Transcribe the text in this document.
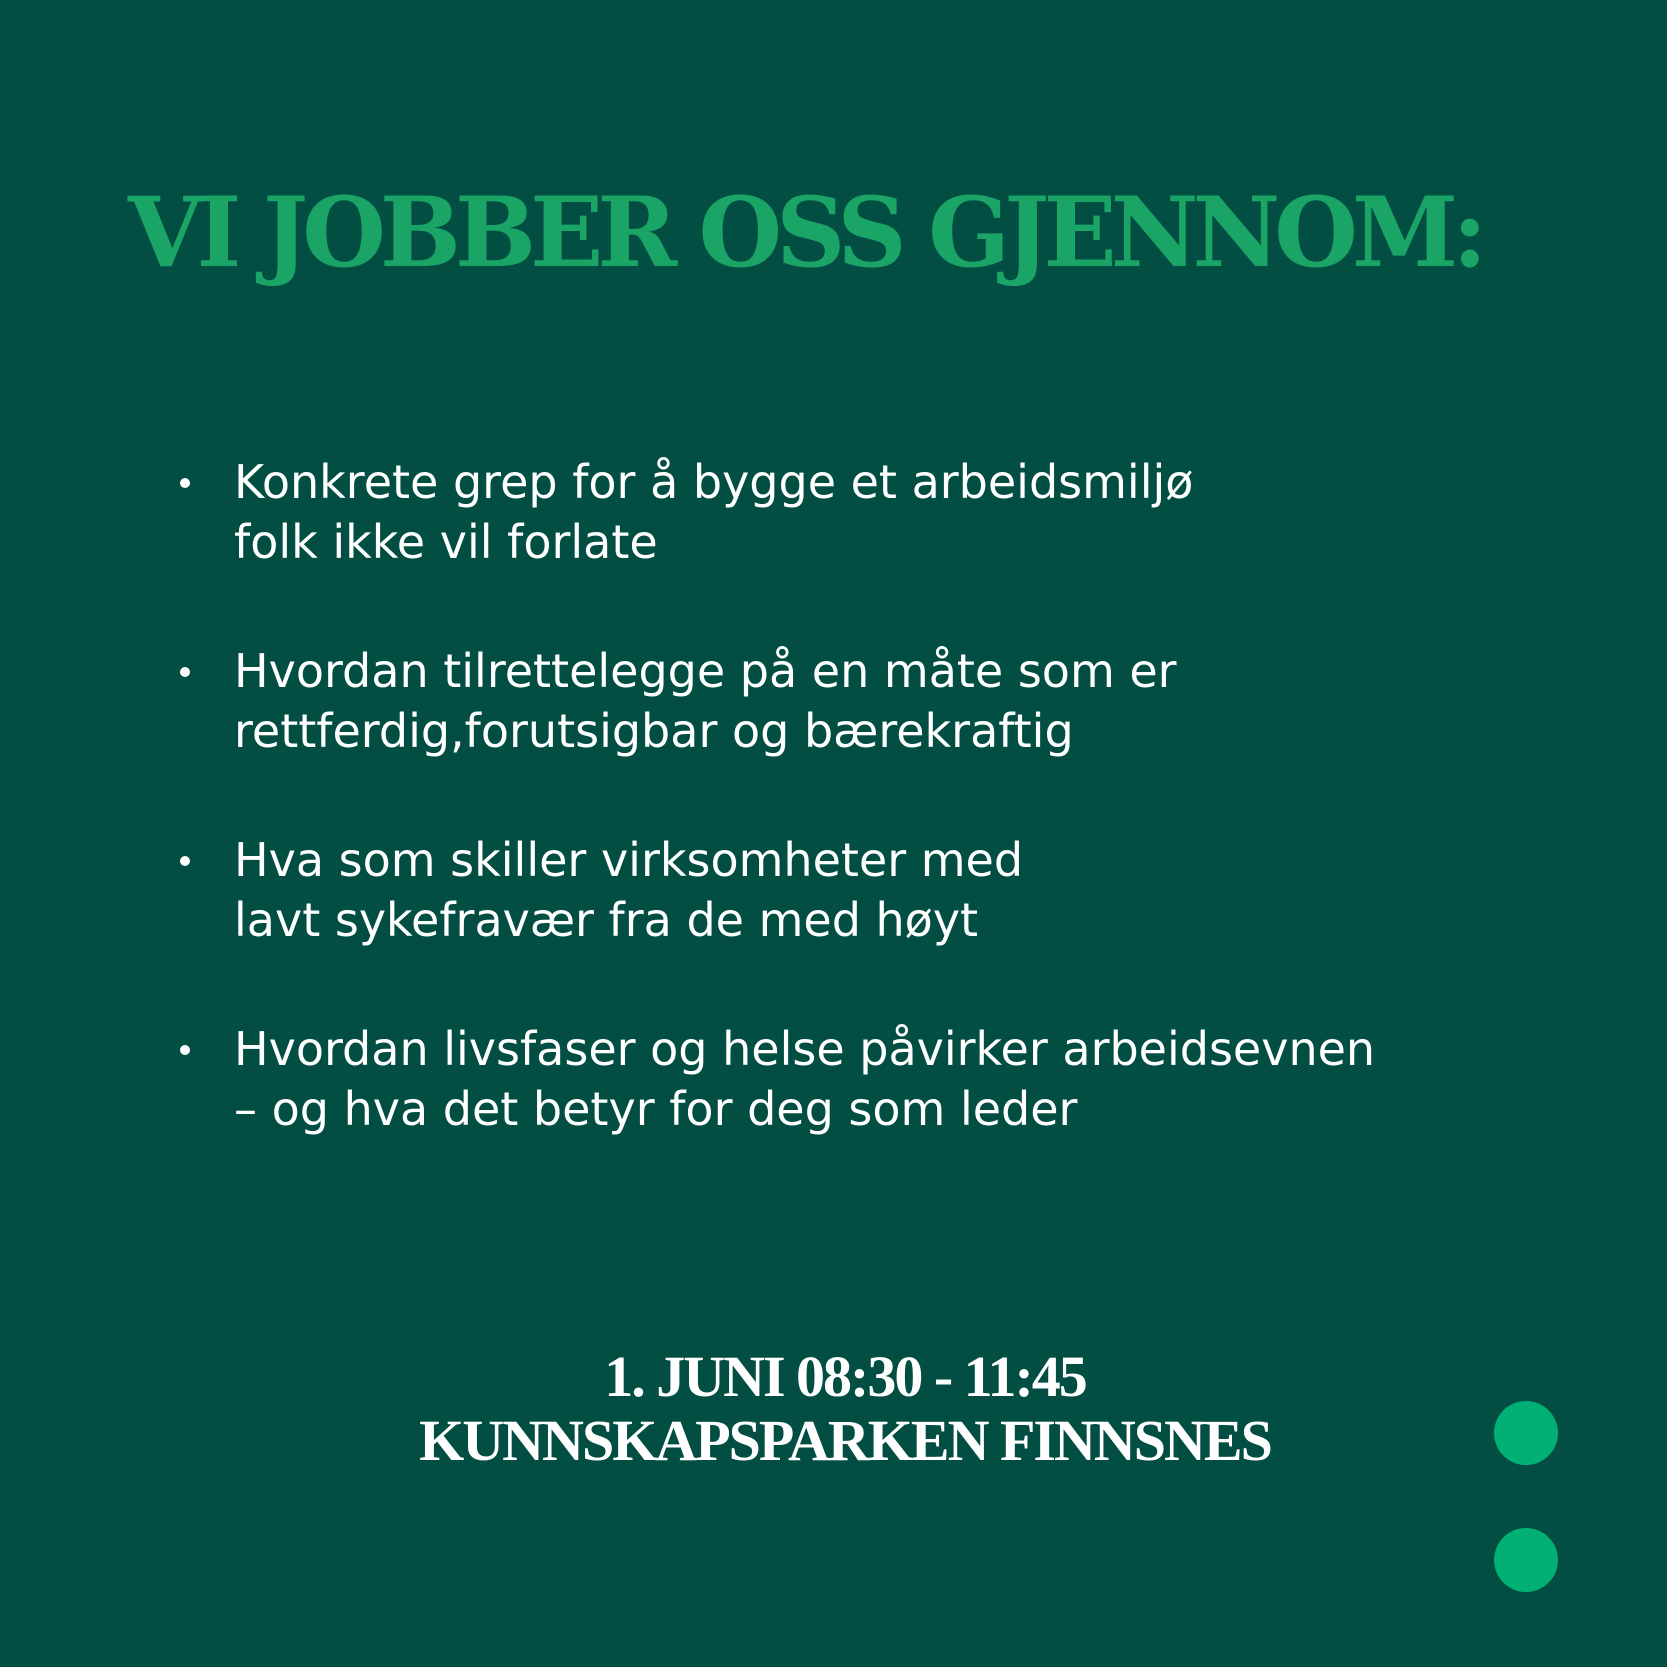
VI JOBBER OSS GJENNOM:
Konkrete grep for å bygge et arbeidsmiljø
folk ikke vil forlate
Hvordan tilrettelegge på en måte som er
rettferdig,forutsigbar og bærekraftig
Hva som skiller virksomheter med
lavt sykefravær fra de med høyt
Hvordan livsfaser og helse påvirker arbeidsevnen
– og hva det betyr for deg som leder
1. JUNI 08:30 - 11:45
KUNNSKAPSPARKEN FINNSNES
